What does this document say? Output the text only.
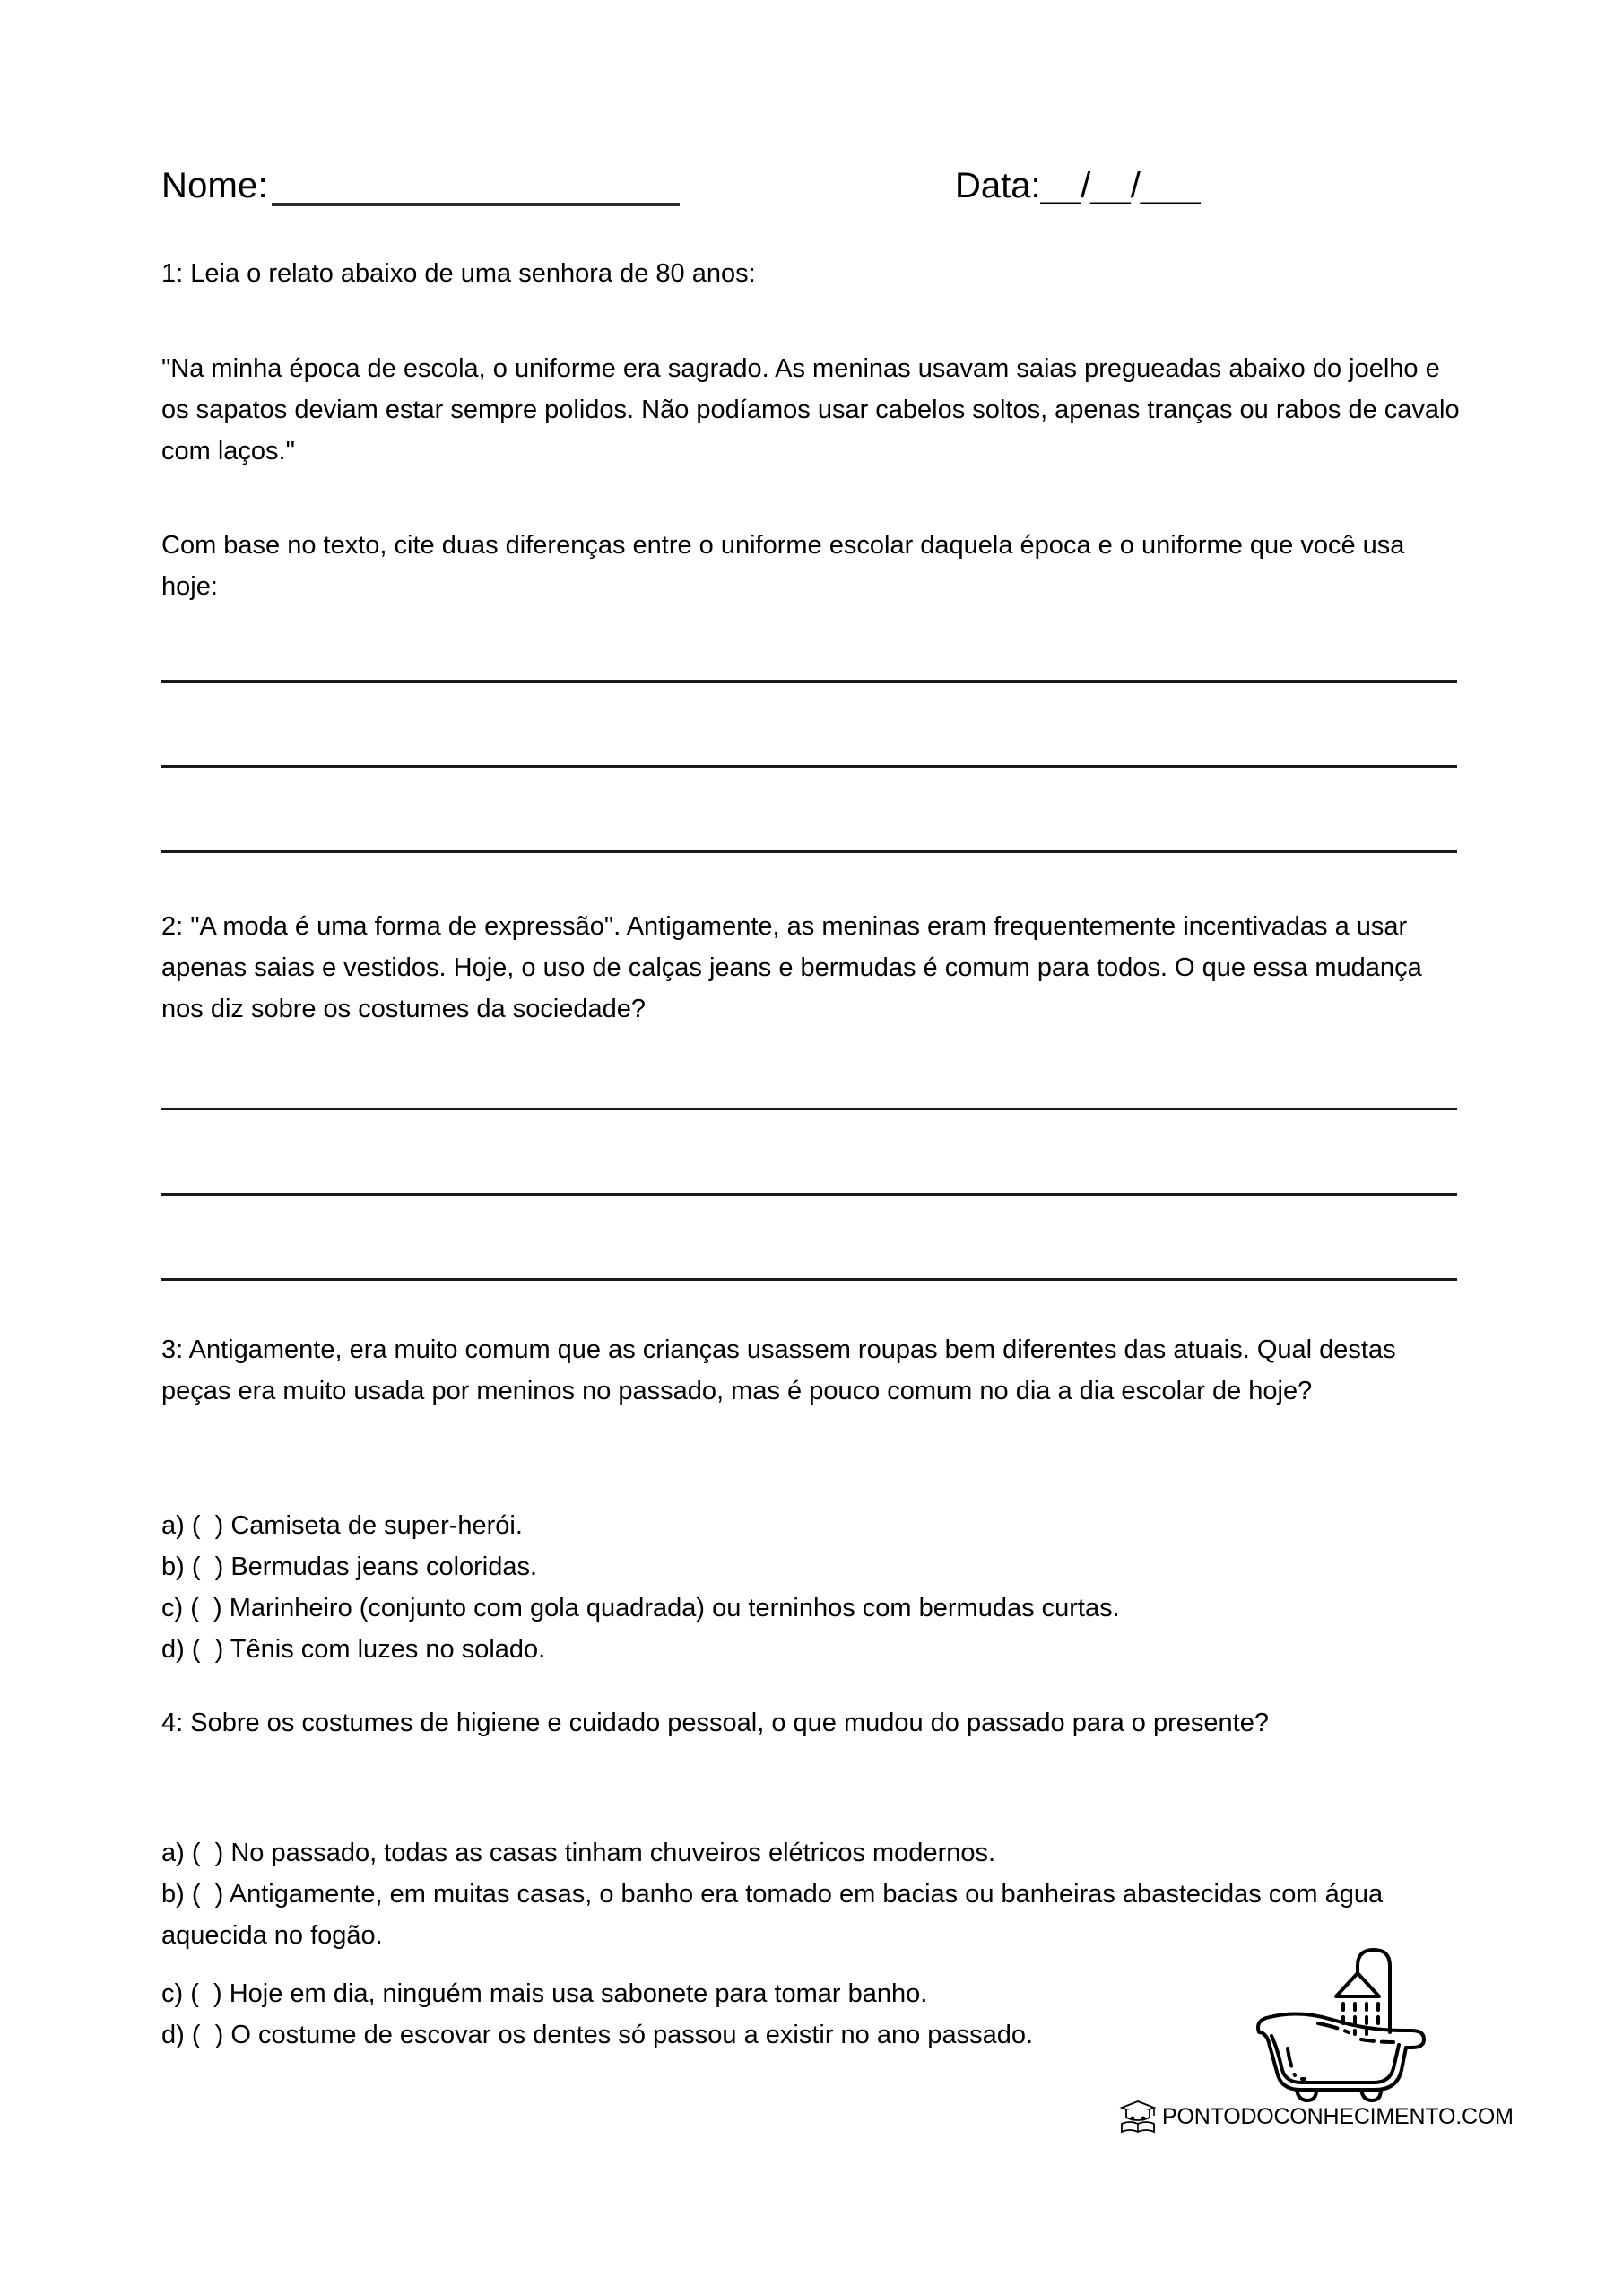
Nome:	Data: __/__/___
1: Leia o relato abaixo de uma senhora de 80 anos:
"Na minha época de escola, o uniforme era sagrado. As meninas usavam saias pregueadas abaixo do joelho e os sapatos deviam estar sempre polidos. Não podíamos usar cabelos soltos, apenas tranças ou rabos de cavalo com laços."
Com base no texto, cite duas diferenças entre o uniforme escolar daquela época e o uniforme que você usa hoje:
2: "A moda é uma forma de expressão". Antigamente, as meninas eram frequentemente incentivadas a usar apenas saias e vestidos. Hoje, o uso de calças jeans e bermudas é comum para todos. O que essa mudança nos diz sobre os costumes da sociedade?
3: Antigamente, era muito comum que as crianças usassem roupas bem diferentes das atuais. Qual destas peças era muito usada por meninos no passado, mas é pouco comum no dia a dia escolar de hoje?
a) (  ) Camiseta de super-herói.
b) (  ) Bermudas jeans coloridas.
c) (  ) Marinheiro (conjunto com gola quadrada) ou terninhos com bermudas curtas.
d) (  ) Tênis com luzes no solado.
4: Sobre os costumes de higiene e cuidado pessoal, o que mudou do passado para o presente?
a) (  ) No passado, todas as casas tinham chuveiros elétricos modernos.
b) (  ) Antigamente, em muitas casas, o banho era tomado em bacias ou banheiras abastecidas com água aquecida no fogão.
c) (  ) Hoje em dia, ninguém mais usa sabonete para tomar banho.
d) (  ) O costume de escovar os dentes só passou a existir no ano passado.
PONTODOCONHECIMENTO.COM
